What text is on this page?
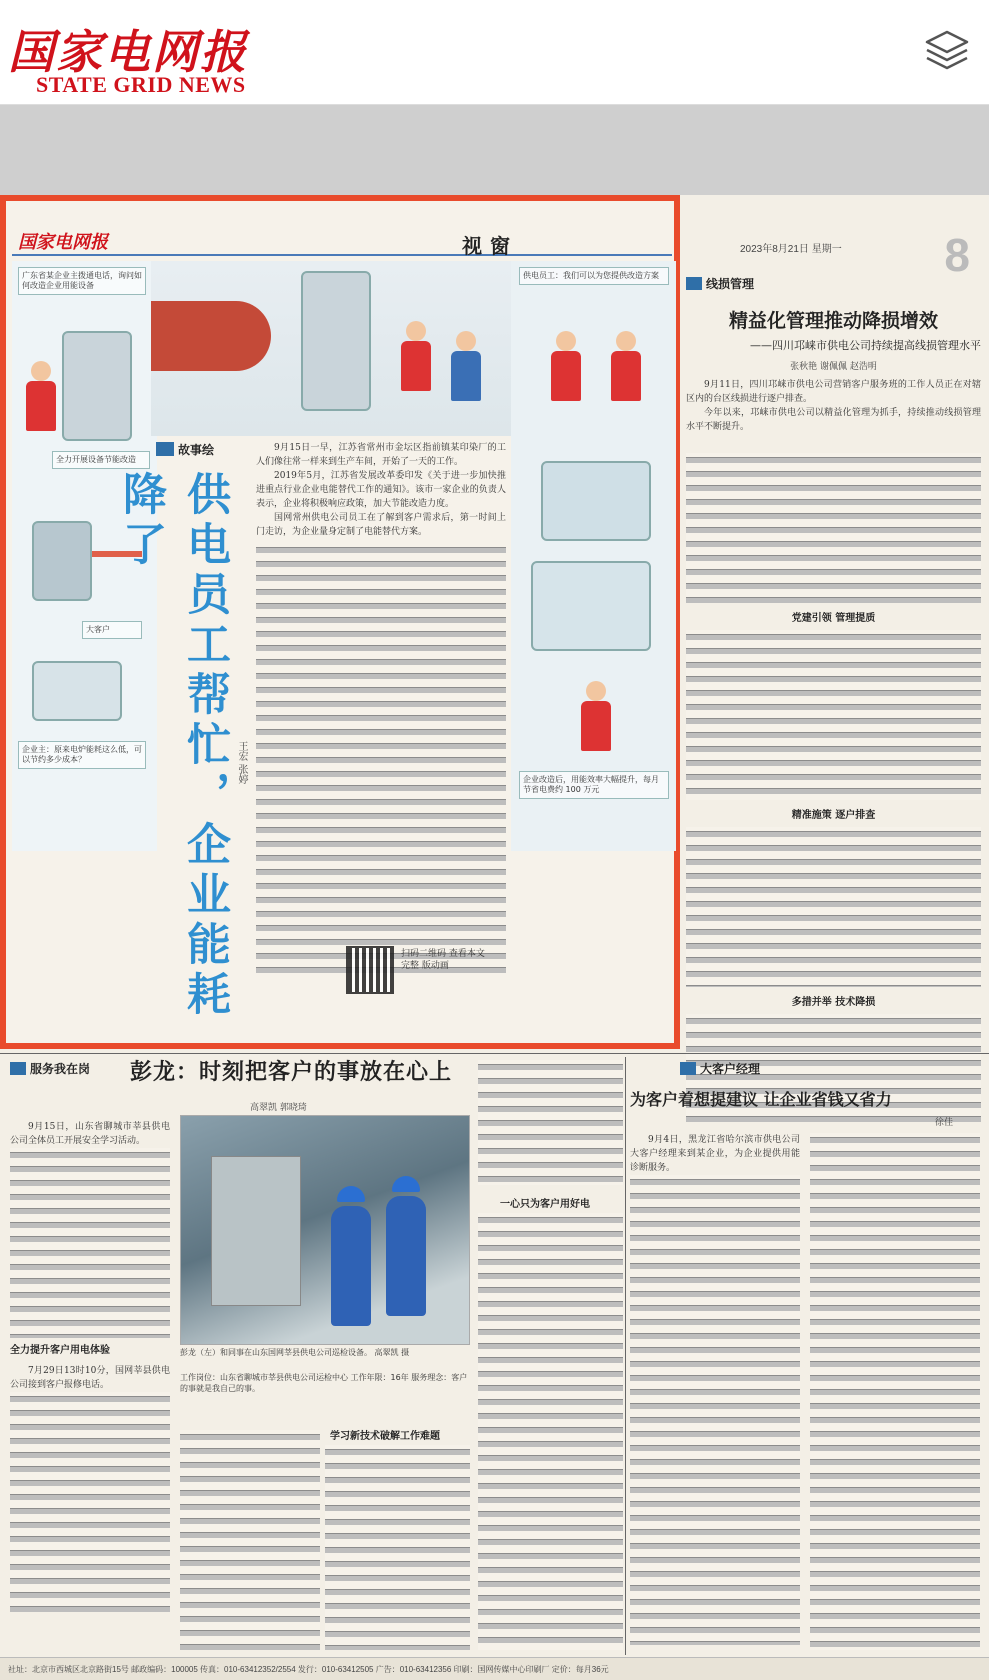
国家电网报
STATE GRID NEWS
2023年8月21日 星期一 8
国家电网报	视窗
广东省某企业主拨通电话，询问如何改造企业用能设备
全力开展设备节能改造
大客户
企业主：原来电炉能耗这么低，可以节约多少成本？
供电员工：我们可以为您提供改造方案
企业改造后，用能效率大幅提升，每月节省电费约 100 万元
故事绘
供电员工帮忙，企业能耗降了
王宏 张婷

9月15日一早，江苏省常州市金坛区指前镇某印染厂的工人们像往常一样来到生产车间，开始了一天的工作。

2019年5月，江苏省发展改革委印发《关于进一步加快推进重点行业企业电能替代工作的通知》。该市一家企业的负责人表示，企业将积极响应政策，加大节能改造力度。

国网常州供电公司员工在了解到客户需求后，第一时间上门走访，为企业量身定制了电能替代方案。

扫码二维码 查看本文完整 版动画
线损管理
精益化管理推动降损增效
——四川邛崃市供电公司持续提高线损管理水平
张秋艳 谢佩佩 赵浩明

9月11日，四川邛崃市供电公司营销客户服务班的工作人员正在对辖区内的台区线损进行逐户排查。

今年以来，邛崃市供电公司以精益化管理为抓手，持续推动线损管理水平不断提升。

党建引领 管理提质
精准施策 逐户排查
多措并举 技术降损
服务我在岗 彭龙：时刻把客户的事放在心上
高翠凯 郭晓琦

9月15日，山东省聊城市莘县供电公司全体员工开展安全学习活动。

全力提升客户用电体验

7月29日13时10分，国网莘县供电公司接到客户报修电话。

彭龙（左）和同事在山东国网莘县供电公司巡检设备。 高翠凯 摄
工作岗位：山东省聊城市莘县供电公司运检中心 工作年限：16年 服务理念：客户的事就是我自己的事。
学习新技术破解工作难题
一心只为客户用好电
大客户经理
为客户着想提建议 让企业省钱又省力
徐佳

9月4日，黑龙江省哈尔滨市供电公司大客户经理来到某企业，为企业提供用能诊断服务。

社址：北京市西城区北京路街15号 邮政编码：100005 传真：010-63412352/2554 发行：010-63412505 广告：010-63412356 印刷：国网传媒中心印刷厂 定价：每月36元
